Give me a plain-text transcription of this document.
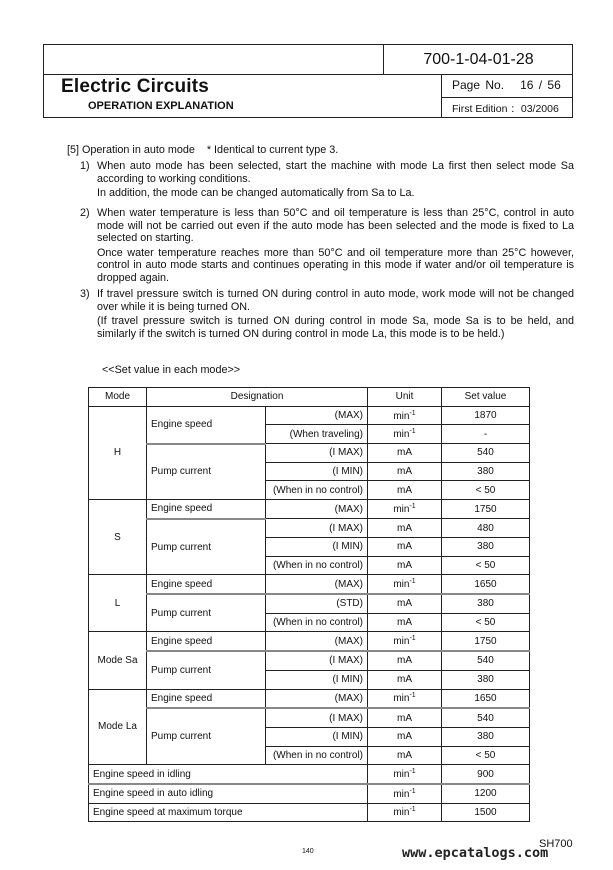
700-1-04-01-28
Electric Circuits
OPERATION EXPLANATION
Page No. 16 / 56
First Edition ：03/2006
[5] Operation in auto mode * Identical to current type 3.
1) When auto mode has been selected, start the machine with mode La first then select mode Sa according to working conditions.

In addition, the mode can be changed automatically from Sa to La.

2) When water temperature is less than 50°C and oil temperature is less than 25°C, control in auto mode will not be carried out even if the auto mode has been selected and the mode is fixed to La selected on starting.

Once water temperature reaches more than 50°C and oil temperature more than 25°C however, control in auto mode starts and continues operating in this mode if water and/or oil temperature is dropped again.

3) If travel pressure switch is turned ON during control in auto mode, work mode will not be changed over while it is being turned ON.

(If travel pressure switch is turned ON during control in mode Sa, mode Sa is to be held, and similarly if the switch is turned ON during control in mode La, this mode is to be held.)

<<Set value in each mode>>
Mode	Designation		Unit	Set value
H	Engine speed	(MAX)	$\min^{-1}$	1870
		(When traveling)	$\min^{-1}$	-
	Pump current	(I MAX)	mA	540
		(I MIN)	mA	380
		(When in no control)	mA	< 50
S	Engine speed	(MAX)	$\min^{-1}$	1750
	Pump current	(I MAX)	mA	480
		(I MIN)	mA	380
		(When in no control)	mA	< 50
L	Engine speed	(MAX)	$\min^{-1}$	1650
	Pump current	(STD)	mA	380
		(When in no control)	mA	< 50
Mode Sa	Engine speed	(MAX)	$\min^{-1}$	1750
	Pump current	(I MAX)	mA	540
		(I MIN)	mA	380
Mode La	Engine speed	(MAX)	$\min^{-1}$	1650
	Pump current	(I MAX)	mA	540
		(I MIN)	mA	380
		(When in no control)	mA	< 50
Engine speed in idling			$\min^{-1}$	900
Engine speed in auto idling			$\min^{-1}$	1200
Engine speed at maximum torque			$\min^{-1}$	1500
140
SH700
www.epcatalogs.com
